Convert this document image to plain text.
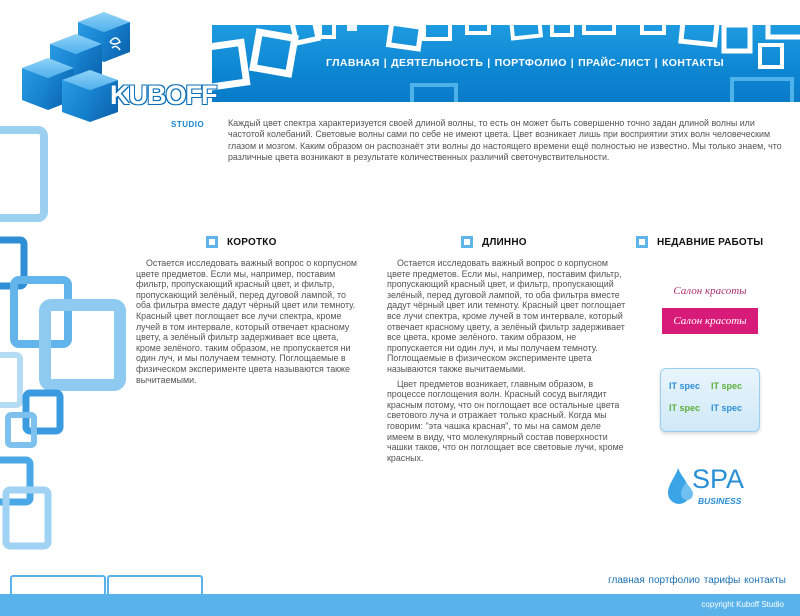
ГЛАВНАЯ | ДЕЯТЕЛЬНОСТЬ | ПОРТФОЛИО | ПРАЙС-ЛИСТ | КОНТАКТЫ
KUBOFF
STUDIO	Каждый цвет спектра характеризуется своей длиной волны, то есть он может быть совершенно точно задан длиной волны или частотой колебаний. Световые волны сами по себе не имеют цвета. Цвет возникает лишь при восприятии этих волн человеческим глазом и мозгом. Каким образом он распознаёт эти волны до настоящего времени ещё полностью не известно. Мы только знаем, что различные цвета возникают в результате количественных различий светочувствительности.
КОРОТКО	ДЛИННО	НЕДАВНИЕ РАБОТЫ

Остается исследовать важный вопрос о корпусном цвете предметов. Если мы, например, поставим фильтр, пропускающий красный цвет, и фильтр, пропускающий зелёный, перед дуговой лампой, то оба фильтра вместе дадут чёрный цвет или темноту. Красный цвет поглощает все лучи спектра, кроме лучей в том интервале, который отвечает красному цвету, а зелёный фильтр задерживает все цвета, кроме зелёного. таким образом, не пропускается ни один луч, и мы получаем темноту. Поглощаемые в физическом эксперименте цвета называются также вычитаемыми.

Остается исследовать важный вопрос о корпусном цвете предметов. Если мы, например, поставим фильтр, пропускающий красный цвет, и фильтр, пропускающий зелёный, перед дуговой лампой, то оба фильтра вместе дадут чёрный цвет или темноту. Красный цвет поглощает все лучи спектра, кроме лучей в том интервале, который отвечает красному цвету, а зелёный фильтр задерживает все цвета, кроме зелёного. таким образом, не пропускается ни один луч, и мы получаем темноту. Поглощаемые в физическом эксперименте цвета называются также вычитаемыми.

Цвет предметов возникает, главным образом, в процессе поглощения волн. Красный сосуд выглядит красным потому, что он поглощает все остальные цвета светового луча и отражает только красный. Когда мы говорим: "эта чашка красная", то мы на самом деле имеем в виду, что молекулярный состав поверхности чашки таков, что он поглощает все световые лучи, кроме красных.

Салон красоты
Салон красоты
IT spec IT spec
IT spec IT spec
SPA
BUSINESS
главная портфолио тарифы контакты
copyright Kuboff Studio
